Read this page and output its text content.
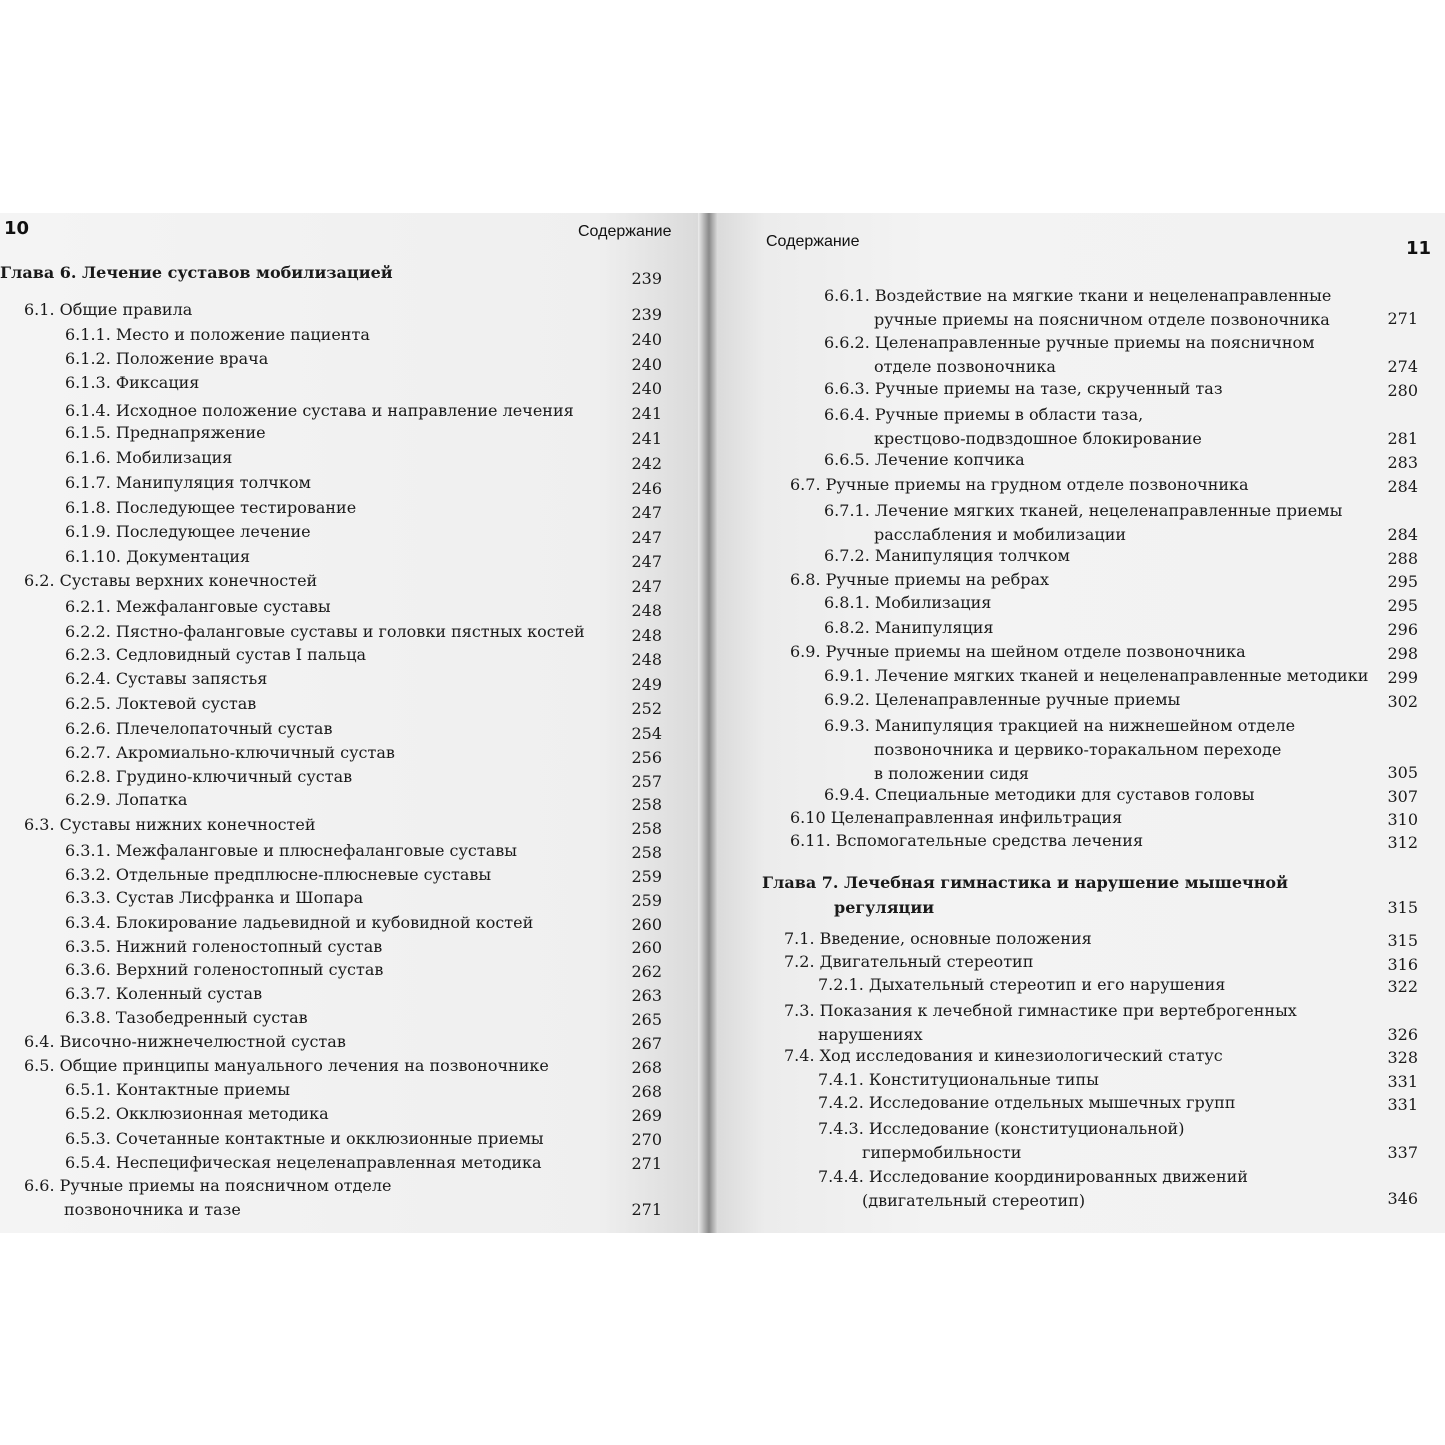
10	Содержание
Глава 6. Лечение суставов мобилизацией	239
6.1. Общие правила	239
6.1.1. Место и положение пациента	240
6.1.2. Положение врача	240
6.1.3. Фиксация	240
6.1.4. Исходное положение сустава и направление лечения	241
6.1.5. Преднапряжение	241
6.1.6. Мобилизация	242
6.1.7. Манипуляция толчком	246
6.1.8. Последующее тестирование	247
6.1.9. Последующее лечение	247
6.1.10. Документация	247
6.2. Суставы верхних конечностей	247
6.2.1. Межфаланговые суставы	248
6.2.2. Пястно-фаланговые суставы и головки пястных костей	248
6.2.3. Седловидный сустав I пальца	248
6.2.4. Суставы запястья	249
6.2.5. Локтевой сустав	252
6.2.6. Плечелопаточный сустав	254
6.2.7. Акромиально-ключичный сустав	256
6.2.8. Грудино-ключичный сустав	257
6.2.9. Лопатка	258
6.3. Суставы нижних конечностей	258
6.3.1. Межфаланговые и плюснефаланговые суставы	258
6.3.2. Отдельные предплюсне-плюсневые суставы	259
6.3.3. Сустав Лисфранка и Шопара	259
6.3.4. Блокирование ладьевидной и кубовидной костей	260
6.3.5. Нижний голеностопный сустав	260
6.3.6. Верхний голеностопный сустав	262
6.3.7. Коленный сустав	263
6.3.8. Тазобедренный сустав	265
6.4. Височно-нижнечелюстной сустав	267
6.5. Общие принципы мануального лечения на позвоночнике	268
6.5.1. Контактные приемы	268
6.5.2. Окклюзионная методика	269
6.5.3. Сочетанные контактные и окклюзионные приемы	270
6.5.4. Неспецифическая нецеленаправленная методика	271
6.6. Ручные приемы на поясничном отделе
позвоночника и тазе	271
Содержание	11
6.6.1. Воздействие на мягкие ткани и нецеленаправленные
ручные приемы на поясничном отделе позвоночника	271
6.6.2. Целенаправленные ручные приемы на поясничном
отделе позвоночника	274
6.6.3. Ручные приемы на тазе, скрученный таз	280
6.6.4. Ручные приемы в области таза,
крестцово-подвздошное блокирование	281
6.6.5. Лечение копчика	283
6.7. Ручные приемы на грудном отделе позвоночника	284
6.7.1. Лечение мягких тканей, нецеленаправленные приемы
расслабления и мобилизации	284
6.7.2. Манипуляция толчком	288
6.8. Ручные приемы на ребрах	295
6.8.1. Мобилизация	295
6.8.2. Манипуляция	296
6.9. Ручные приемы на шейном отделе позвоночника	298
6.9.1. Лечение мягких тканей и нецеленаправленные методики	299
6.9.2. Целенаправленные ручные приемы	302
6.9.3. Манипуляция тракцией на нижнешейном отделе
позвоночника и цервико-торакальном переходе
в положении сидя	305
6.9.4. Специальные методики для суставов головы	307
6.10 Целенаправленная инфильтрация	310
6.11. Вспомогательные средства лечения	312
Глава 7. Лечебная гимнастика и нарушение мышечной
регуляции	315
7.1. Введение, основные положения	315
7.2. Двигательный стереотип	316
7.2.1. Дыхательный стереотип и его нарушения	322
7.3. Показания к лечебной гимнастике при вертеброгенных
нарушениях	326
7.4. Ход исследования и кинезиологический статус	328
7.4.1. Конституциональные типы	331
7.4.2. Исследование отдельных мышечных групп	331
7.4.3. Исследование (конституциональной)
гипермобильности	337
7.4.4. Исследование координированных движений
(двигательный стереотип)	346
